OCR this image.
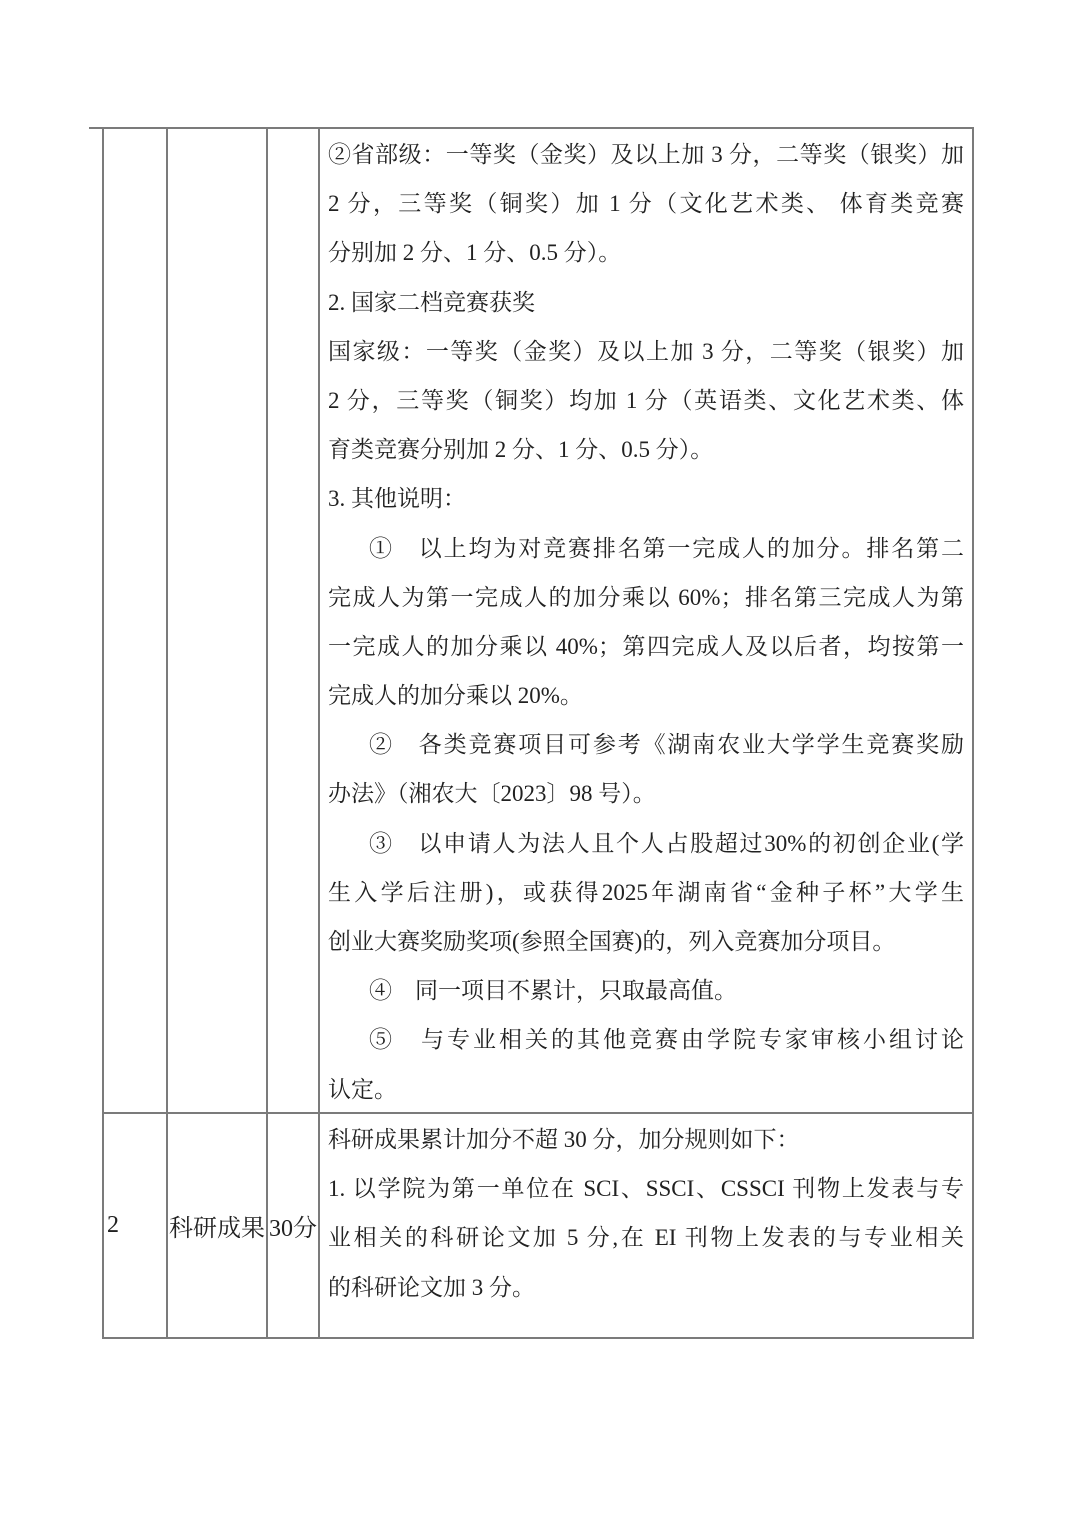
②省部级：一等奖（金奖）及以上加 3 分，二等奖（银奖）加
2 分，三等奖（铜奖）加 1 分（文化艺术类、 体育类竞赛
分别加 2 分、1 分、0.5 分）。
2. 国家二档竞赛获奖
国家级：一等奖（金奖）及以上加 3 分，二等奖（银奖）加
2 分，三等奖（铜奖）均加 1 分（英语类、文化艺术类、体
育类竞赛分别加 2 分、1 分、0.5 分）。
3. 其他说明：
①　以上均为对竞赛排名第一完成人的加分。排名第二
完成人为第一完成人的加分乘以 60%；排名第三完成人为第
一完成人的加分乘以 40%；第四完成人及以后者，均按第一
完成人的加分乘以 20%。
②　各类竞赛项目可参考《湖南农业大学学生竞赛奖励
办法》（湘农大〔2023〕98 号）。
③　以申请人为法人且个人占股超过30%的初创企业(学
生入学后注册)，或获得2025年湖南省“金种子杯”大学生
创业大赛奖励奖项(参照全国赛)的，列入竞赛加分项目。
④　同一项目不累计，只取最高值。
⑤　与专业相关的其他竞赛由学院专家审核小组讨论
认定。
2	科研成果 30分
科研成果累计加分不超 30 分，加分规则如下：
1. 以学院为第一单位在 SCI、SSCI、CSSCI 刊物上发表与专
业相关的科研论文加 5 分,在 EI 刊物上发表的与专业相关
的科研论文加 3 分。
